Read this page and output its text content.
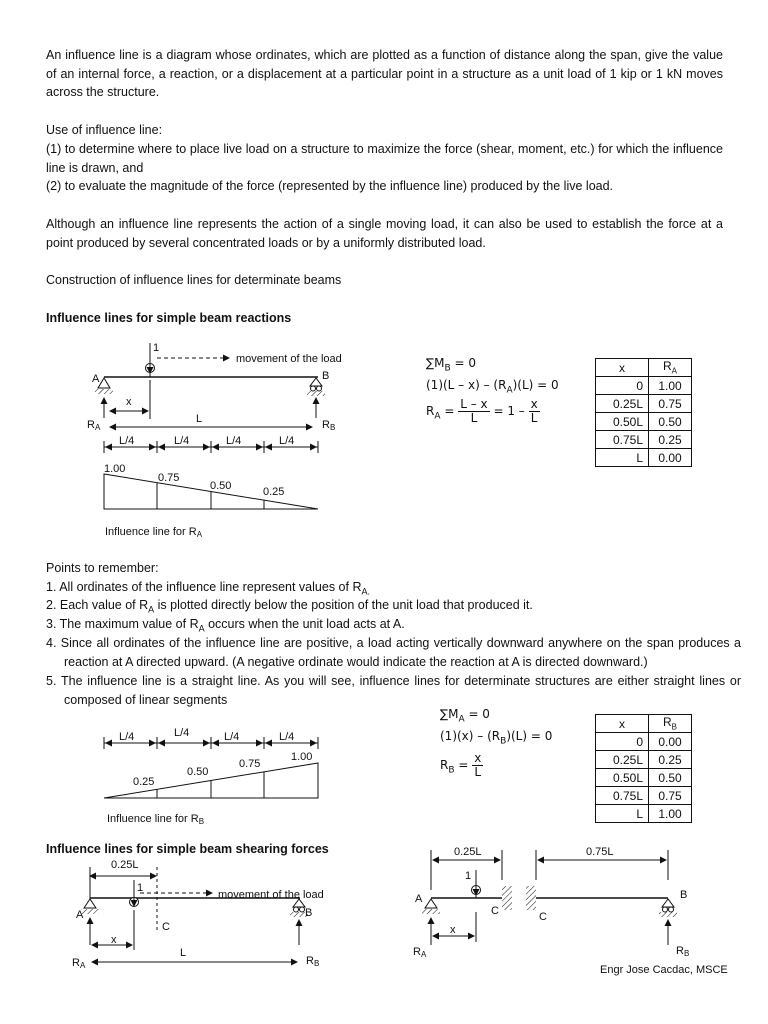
An influence line is a diagram whose ordinates, which are plotted as a function of distance along the span, give the value of an internal force, a reaction, or a displacement at a particular point in a structure as a unit load of 1 kip or 1 kN moves across the structure.

Use of influence line:

(1) to determine where to place live load on a structure to maximize the force (shear, moment, etc.) for which the influence line is drawn, and

(2) to evaluate the magnitude of the force (represented by the influence line) produced by the live load.

Although an influence line represents the action of a single moving load, it can also be used to establish the force at a point produced by several concentrated loads or by a uniformly distributed load.

Construction of influence lines for determinate beams

Influence lines for simple beam reactions

$\sum M_B = 0$
$(1)(L - x) - (R_A)(L) = 0$
$R_A = \frac{L - x}{L} = 1 - \frac{x}{L}$
x	$R_A$
0	1.00
0.25L	0.75
0.50L	0.50
0.75L	0.25
L	0.00

Points to remember:

1. All ordinates of the influence line represent values of $R_{A.}$

2. Each value of $R_A$ is plotted directly below the position of the unit load that produced it.

3. The maximum value of $R_A$ occurs when the unit load acts at A.

4. Since all ordinates of the influence line are positive, a load acting vertically downward anywhere on the span produces a reaction at A directed upward. (A negative ordinate would indicate the reaction at A is directed downward.)

5. The influence line is a straight line. As you will see, influence lines for determinate structures are either straight lines or composed of linear segments

$\sum M_A = 0$
$(1)(x) - (R_B)(L) = 0$
$R_B = \frac{x}{L}$
x	$R_B$
0	0.00
0.25L	0.25
0.50L	0.50
0.75L	0.75
L	1.00

Influence lines for simple beam shearing forces

Engr Jose Cacdac, MSCE
1
movement of the load
A	B
x
L
RA	RB
L/4	L/4	L/4	L/4
1.00
0.75
0.50	0.25
Influence line for RA
L/4	L/4	L/4	L/4
0.25
0.50
0.75
1.00
Influence line for RB
0.25L
1
movement of the load
A	B
C
x
L
RA	RB
0.25L	0.75L
1
A	B
C	C
x
RA	RB
